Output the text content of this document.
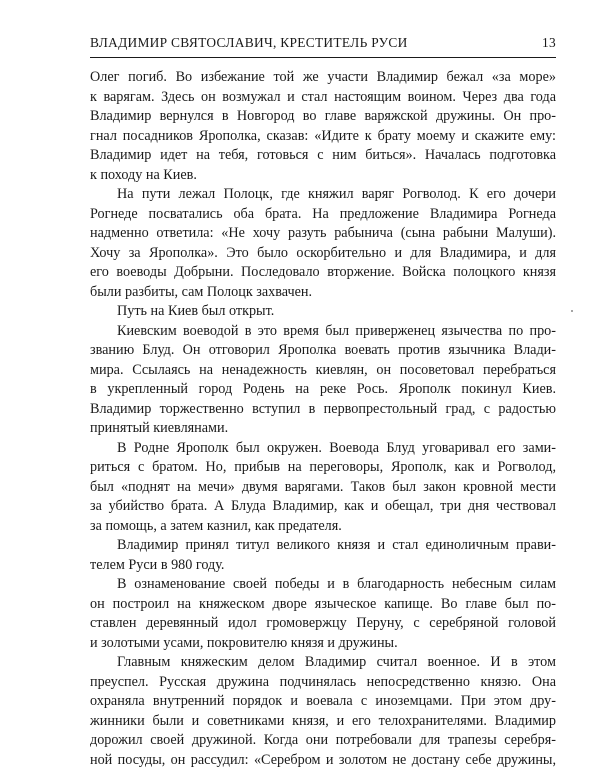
ВЛАДИМИР СВЯТОСЛАВИЧ, КРЕСТИТЕЛЬ РУСИ	13

Олег погиб. Во избежание той же участи Владимир бежал «за море»

к варягам. Здесь он возмужал и стал настоящим воином. Через два года

Владимир вернулся в Новгород во главе варяжской дружины. Он про-

гнал посадников Ярополка, сказав: «Идите к брату моему и скажите ему:

Владимир идет на тебя, готовься с ним биться». Началась подготовка

к походу на Киев.

На пути лежал Полоцк, где княжил варяг Рогволод. К его дочери

Рогнеде посватались оба брата. На предложение Владимира Рогнеда

надменно ответила: «Не хочу разуть рабынича (сына рабыни Малуши).

Хочу за Ярополка». Это было оскорбительно и для Владимира, и для

его воеводы Добрыни. Последовало вторжение. Войска полоцкого князя

были разбиты, сам Полоцк захвачен.

Путь на Киев был открыт.

Киевским воеводой в это время был приверженец язычества по про-

званию Блуд. Он отговорил Ярополка воевать против язычника Влади-

мира. Ссылаясь на ненадежность киевлян, он посоветовал перебраться

в укрепленный город Родень на реке Рось. Ярополк покинул Киев.

Владимир торжественно вступил в первопрестольный град, с радостью

принятый киевлянами.

В Родне Ярополк был окружен. Воевода Блуд уговаривал его зами-

риться с братом. Но, прибыв на переговоры, Ярополк, как и Рогволод,

был «поднят на мечи» двумя варягами. Таков был закон кровной мести

за убийство брата. А Блуда Владимир, как и обещал, три дня чествовал

за помощь, а затем казнил, как предателя.

Владимир принял титул великого князя и стал единоличным прави-

телем Руси в 980 году.

В ознаменование своей победы и в благодарность небесным силам

он построил на княжеском дворе языческое капище. Во главе был по-

ставлен деревянный идол громовержцу Перуну, с серебряной головой

и золотыми усами, покровителю князя и дружины.

Главным княжеским делом Владимир считал военное. И в этом

преуспел. Русская дружина подчинялась непосредственно князю. Она

охраняла внутренний порядок и воевала с иноземцами. При этом дру-

жинники были и советниками князя, и его телохранителями. Владимир

дорожил своей дружиной. Когда они потребовали для трапезы серебря-

ной посуды, он рассудил: «Серебром и золотом не достану себе дружины,
